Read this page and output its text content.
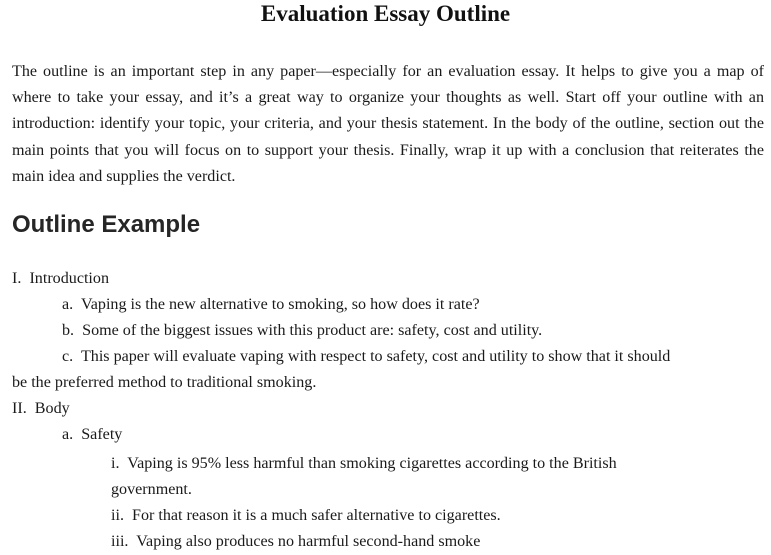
Evaluation Essay Outline
The outline is an important step in any paper—especially for an evaluation essay. It helps to give you a map of where to take your essay, and it’s a great way to organize your thoughts as well. Start off your outline with an introduction: identify your topic, your criteria, and your thesis statement. In the body of the outline, section out the main points that you will focus on to support your thesis. Finally, wrap it up with a conclusion that reiterates the main idea and supplies the verdict.
Outline Example
I. Introduction
a. Vaping is the new alternative to smoking, so how does it rate?
b. Some of the biggest issues with this product are: safety, cost and utility.
c. This paper will evaluate vaping with respect to safety, cost and utility to show that it should
be the preferred method to traditional smoking.
II. Body
a. Safety
i. Vaping is 95% less harmful than smoking cigarettes according to the British
government.
ii. For that reason it is a much safer alternative to cigarettes.
iii. Vaping also produces no harmful second-hand smoke
